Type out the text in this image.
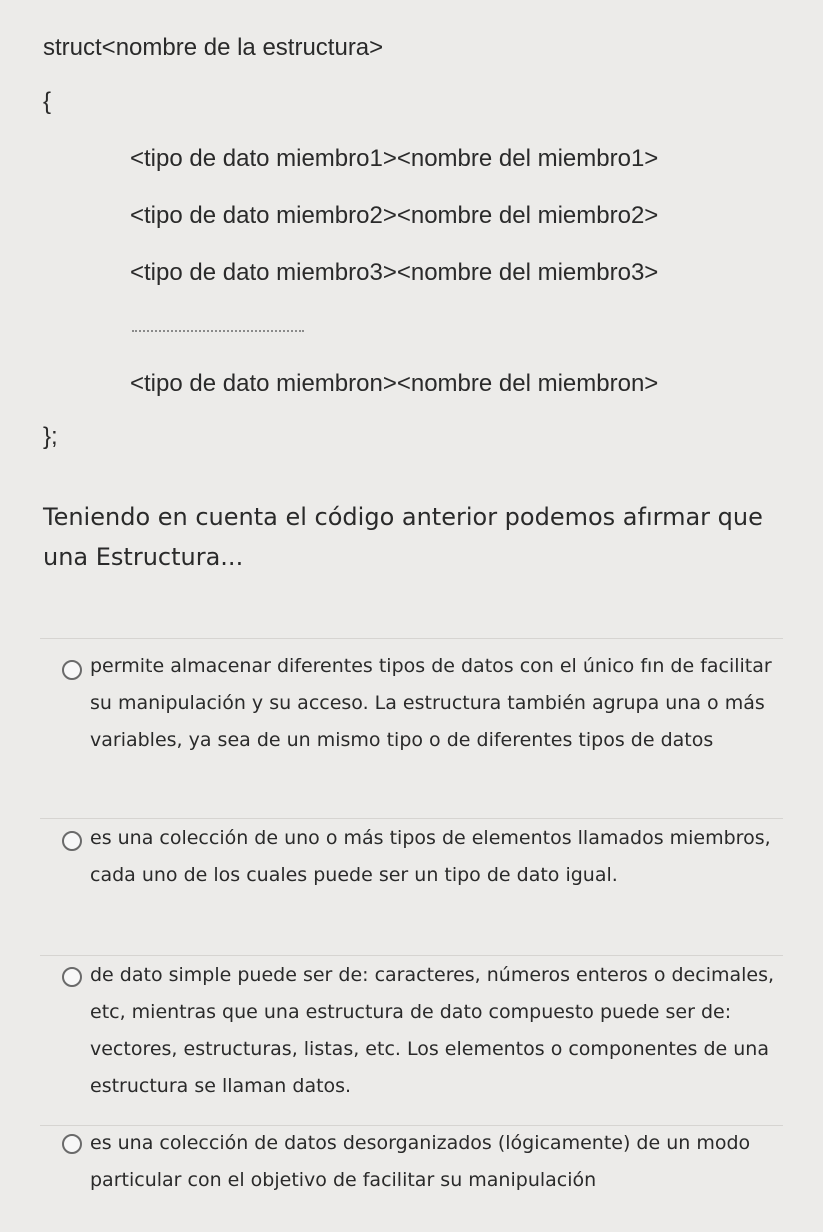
struct<nombre de la estructura>
{
<tipo de dato miembro1><nombre del miembro1>
<tipo de dato miembro2><nombre del miembro2>
<tipo de dato miembro3><nombre del miembro3>
<tipo de dato miembron><nombre del miembron>
};
Teniendo en cuenta el código anterior podemos afırmar que una Estructura...
permite almacenar diferentes tipos de datos con el único fın de facilitar su manipulación y su acceso. La estructura también agrupa una o más variables, ya sea de un mismo tipo o de diferentes tipos de datos
es una colección de uno o más tipos de elementos llamados miembros, cada uno de los cuales puede ser un tipo de dato igual.
de dato simple puede ser de: caracteres, números enteros o decimales, etc, mientras que una estructura de dato compuesto puede ser de: vectores, estructuras, listas, etc. Los elementos o componentes de una estructura se llaman datos.
es una colección de datos desorganizados (lógicamente) de un modo particular con el objetivo de facilitar su manipulación
